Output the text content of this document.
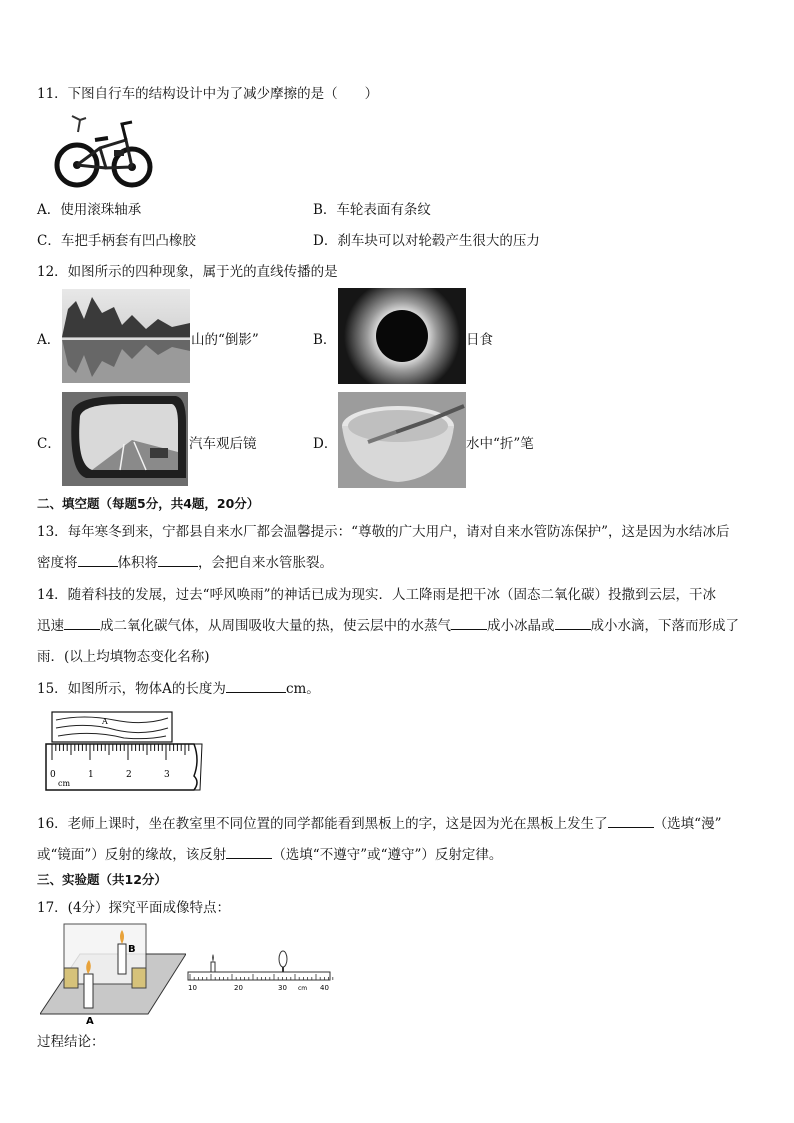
11．下图自行车的结构设计中为了减少摩擦的是（　　）
A．使用滚珠轴承	B．车轮表面有条纹
C．车把手柄套有凹凸橡胶	D．刹车块可以对轮毂产生很大的压力
12．如图所示的四种现象，属于光的直线传播的是
A．	山的“倒影”	B．	日食
C．	汽车观后镜	D．	水中“折”笔
二、填空题（每题5分，共4题，20分）
13．每年寒冬到来，宁都县自来水厂都会温馨提示：“尊敬的广大用户，请对自来水管防冻保护”，这是因为水结冰后
密度将	体积将	，会把自来水管胀裂。
14．随着科技的发展，过去“呼风唤雨”的神话已成为现实．人工降雨是把干冰（固态二氧化碳）投撒到云层，干冰
迅速	成二氧化碳气体，从周围吸收大量的热，使云层中的水蒸气	成小冰晶或	成小水滴，下落而形成了
雨．(以上均填物态变化名称)
15．如图所示，物体A的长度为	cm。
A
0	1	2	3
cm
16．老师上课时，坐在教室里不同位置的同学都能看到黑板上的字，这是因为光在黑板上发生了	（选填“漫”
或“镜面”）反射的缘故，该反射	（选填“不遵守”或“遵守”）反射定律。
三、实验题（共12分）
17．(4分）探究平面成像特点：
B
A
10	20	30 cm 40
过程结论：
